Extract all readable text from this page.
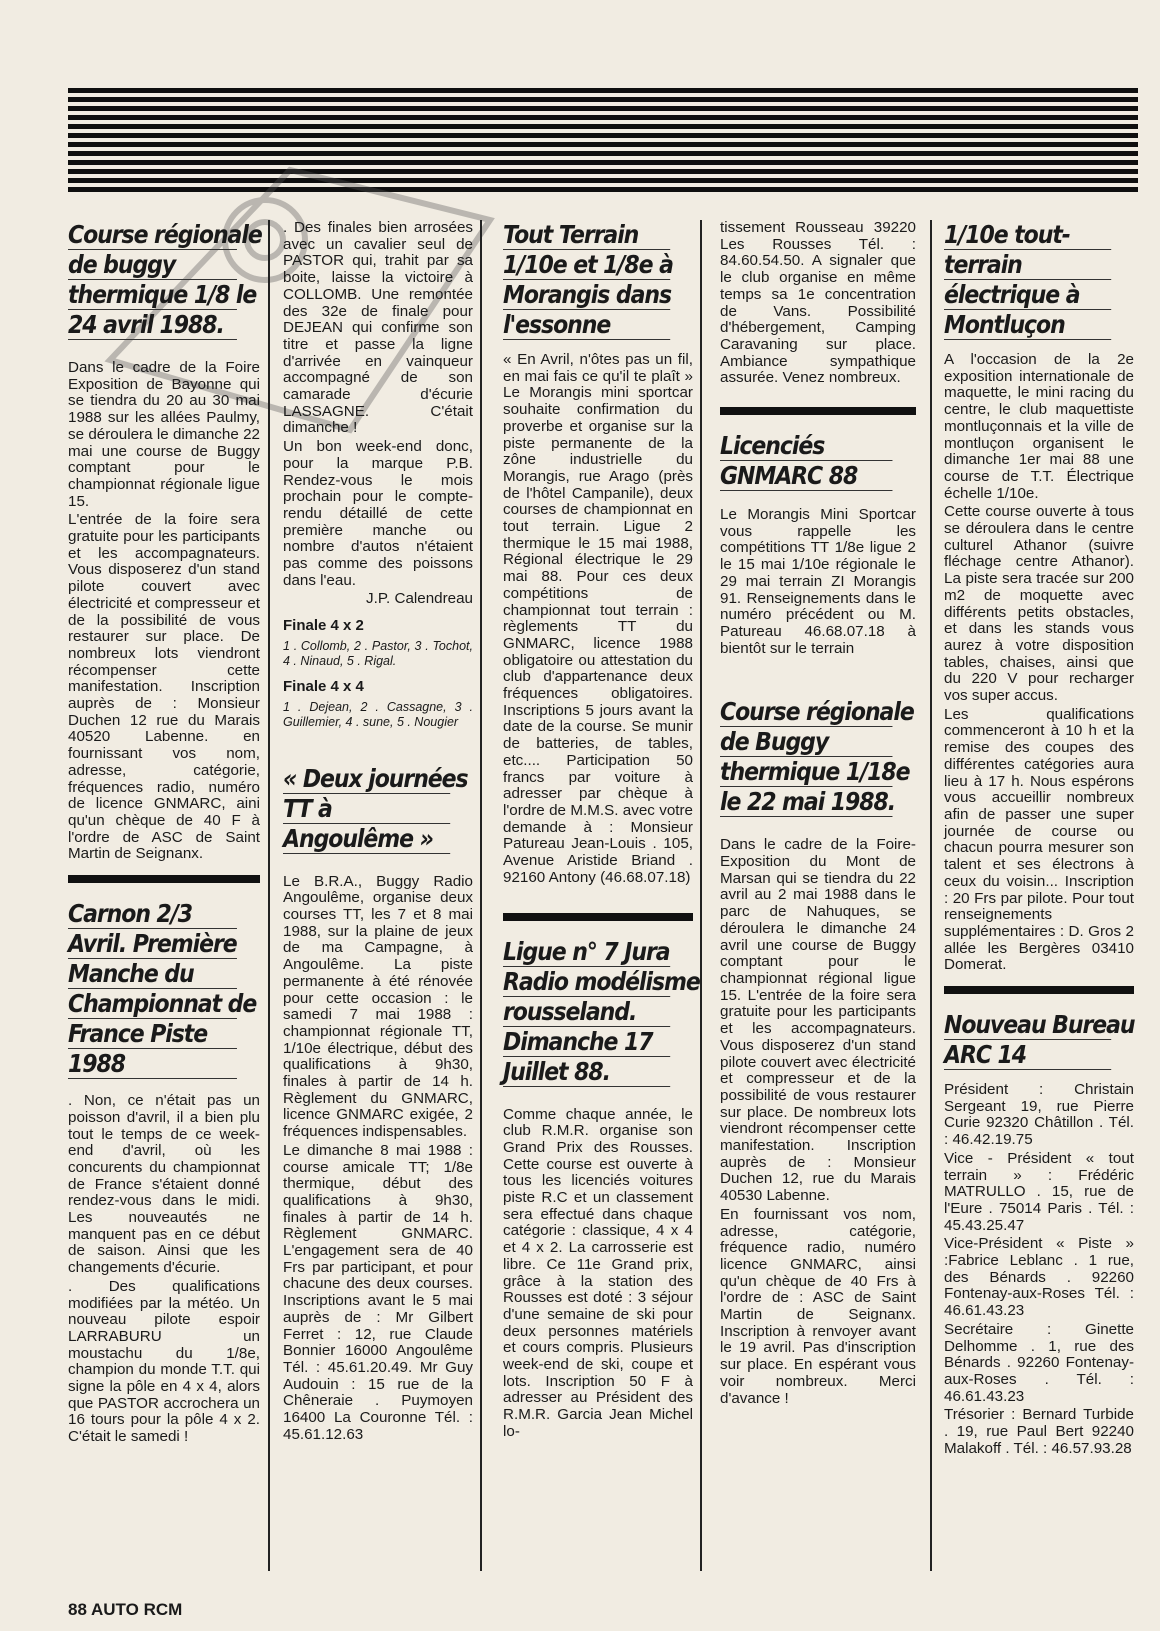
Course régionale
de buggy
thermique 1/8 le
24 avril 1988.

Dans le cadre de la Foire Exposition de Bayonne qui se tiendra du 20 au 30 mai 1988 sur les allées Paulmy, se déroulera le dimanche 22 mai une course de Buggy comptant pour le championnat régionale ligue 15.

L'entrée de la foire sera gratuite pour les participants et les accompagnateurs. Vous disposerez d'un stand pilote couvert avec électricité et compresseur et de la possibilité de vous restaurer sur place. De nombreux lots viendront récompenser cette manifestation. Inscription auprès de : Monsieur Duchen 12 rue du Marais 40520 Labenne. en fournissant vos nom, adresse, catégorie, fréquences radio, numéro de licence GNMARC, aini qu'un chèque de 40 F à l'ordre de ASC de Saint Martin de Seignanx.

Carnon 2/3
Avril. Première
Manche du
Championnat de
France Piste
1988

. Non, ce n'était pas un poisson d'avril, il a bien plu tout le temps de ce week-end d'avril, où les concurents du championnat de France s'étaient donné rendez-vous dans le midi. Les nouveautés ne manquent pas en ce début de saison. Ainsi que les changements d'écurie.

. Des qualifications modifiées par la météo. Un nouveau pilote espoir LARRABURU un moustachu du 1/8e, champion du monde T.T. qui signe la pôle en 4 x 4, alors que PASTOR accrochera un 16 tours pour la pôle 4 x 2. C'était le samedi !

. Des finales bien arrosées avec un cavalier seul de PASTOR qui, trahit par sa boite, laisse la victoire à COLLOMB. Une remontée des 32e de finale pour DEJEAN qui confirme son titre et passe la ligne d'arrivée en vainqueur accompagné de son camarade d'écurie LASSAGNE. C'était dimanche !

Un bon week-end donc, pour la marque P.B. Rendez-vous le mois prochain pour le compte-rendu détaillé de cette première manche ou nombre d'autos n'étaient pas comme des poissons dans l'eau.

J.P. Calendreau

Finale 4 x 2
1 . Collomb, 2 . Pastor, 3 . Tochot, 4 . Ninaud, 5 . Rigal.
Finale 4 x 4
1 . Dejean, 2 . Cassagne, 3 . Guillemier, 4 . sune, 5 . Nougier
« Deux journées
TT à
Angoulême »

Le B.R.A., Buggy Radio Angoulême, organise deux courses TT, les 7 et 8 mai 1988, sur la plaine de jeux de ma Campagne, à Angoulême. La piste permanente à été rénovée pour cette occasion : le samedi 7 mai 1988 : championnat régionale TT, 1/10e électrique, début des qualifications à 9h30, finales à partir de 14 h. Règlement du GNMARC, licence GNMARC exigée, 2 fréquences indispensables.

Le dimanche 8 mai 1988 : course amicale TT; 1/8e thermique, début des qualifications à 9h30, finales à partir de 14 h. Règlement GNMARC. L'engagement sera de 40 Frs par participant, et pour chacune des deux courses. Inscriptions avant le 5 mai auprès de : Mr Gilbert Ferret : 12, rue Claude Bonnier 16000 Angoulême Tél. : 45.61.20.49. Mr Guy Audouin : 15 rue de la Chêneraie . Puymoyen 16400 La Couronne Tél. : 45.61.12.63

Tout Terrain
1/10e et 1/8e à
Morangis dans
l'essonne

« En Avril, n'ôtes pas un fil, en mai fais ce qu'il te plaît » Le Morangis mini sportcar souhaite confirmation du proverbe et organise sur la piste permanente de la zône industrielle du Morangis, rue Arago (près de l'hôtel Campanile), deux courses de championnat en tout terrain. Ligue 2 thermique le 15 mai 1988, Régional électrique le 29 mai 88. Pour ces deux compétitions de championnat tout terrain : règlements TT du GNMARC, licence 1988 obligatoire ou attestation du club d'appartenance deux fréquences obligatoires. Inscriptions 5 jours avant la date de la course. Se munir de batteries, de tables, etc.... Participation 50 francs par voiture à adresser par chèque à l'ordre de M.M.S. avec votre demande à : Monsieur Patureau Jean-Louis . 105, Avenue Aristide Briand . 92160 Antony (46.68.07.18)

Ligue n° 7 Jura
Radio modélisme
rousseland.
Dimanche 17
Juillet 88.

Comme chaque année, le club R.M.R. organise son Grand Prix des Rousses. Cette course est ouverte à tous les licenciés voitures piste R.C et un classement sera effectué dans chaque catégorie : classique, 4 x 4 et 4 x 2. La carrosserie est libre. Ce 11e Grand prix, grâce à la station des Rousses est doté : 3 séjour d'une semaine de ski pour deux personnes matériels et cours compris. Plusieurs week-end de ski, coupe et lots. Inscription 50 F à adresser au Président des R.M.R. Garcia Jean Michel lo-

tissement Rousseau 39220 Les Rousses Tél. : 84.60.54.50. A signaler que le club organise en même temps sa 1e concentration de Vans. Possibilité d'hébergement, Camping Caravaning sur place. Ambiance sympathique assurée. Venez nombreux.

Licenciés
GNMARC 88

Le Morangis Mini Sportcar vous rappelle les compétitions TT 1/8e ligue 2 le 15 mai 1/10e régionale le 29 mai terrain ZI Morangis 91. Renseignements dans le numéro précédent ou M. Patureau 46.68.07.18 à bientôt sur le terrain

Course régionale
de Buggy
thermique 1/18e
le 22 mai 1988.

Dans le cadre de la Foire-Exposition du Mont de Marsan qui se tiendra du 22 avril au 2 mai 1988 dans le parc de Nahuques, se déroulera le dimanche 24 avril une course de Buggy comptant pour le championnat régional ligue 15. L'entrée de la foire sera gratuite pour les participants et les accompagnateurs. Vous disposerez d'un stand pilote couvert avec électricité et compresseur et de la possibilité de vous restaurer sur place. De nombreux lots viendront récompenser cette manifestation. Inscription auprès de : Monsieur Duchen 12, rue du Marais 40530 Labenne.

En fournissant vos nom, adresse, catégorie, fréquence radio, numéro licence GNMARC, ainsi qu'un chèque de 40 Frs à l'ordre de : ASC de Saint Martin de Seignanx. Inscription à renvoyer avant le 19 avril. Pas d'inscription sur place. En espérant vous voir nombreux. Merci d'avance !

1/10e tout-
terrain
électrique à
Montluçon

A l'occasion de la 2e exposition internationale de maquette, le mini racing du centre, le club maquettiste montluçonnais et la ville de montluçon organisent le dimanche 1er mai 88 une course de T.T. Électrique échelle 1/10e.

Cette course ouverte à tous se déroulera dans le centre culturel Athanor (suivre fléchage centre Athanor). La piste sera tracée sur 200 m2 de moquette avec différents petits obstacles, et dans les stands vous aurez à votre disposition tables, chaises, ainsi que du 220 V pour recharger vos super accus.

Les qualifications commenceront à 10 h et la remise des coupes des différentes catégories aura lieu à 17 h. Nous espérons vous accueillir nombreux afin de passer une super journée de course ou chacun pourra mesurer son talent et ses électrons à ceux du voisin... Inscription : 20 Frs par pilote. Pour tout renseignements supplémentaires : D. Gros 2 allée les Bergères 03410 Domerat.

Nouveau Bureau
ARC 14

Président : Christain Sergeant 19, rue Pierre Curie 92320 Châtillon . Tél. : 46.42.19.75

Vice - Président « tout terrain » : Frédéric MATRULLO . 15, rue de l'Eure . 75014 Paris . Tél. : 45.43.25.47

Vice-Président « Piste » :Fabrice Leblanc . 1 rue, des Bénards . 92260 Fontenay-aux-Roses Tél. : 46.61.43.23

Secrétaire : Ginette Delhomme . 1, rue des Bénards . 92260 Fontenay-aux-Roses . Tél. : 46.61.43.23

Trésorier : Bernard Turbide . 19, rue Paul Bert 92240 Malakoff . Tél. : 46.57.93.28

88 AUTO RCM
